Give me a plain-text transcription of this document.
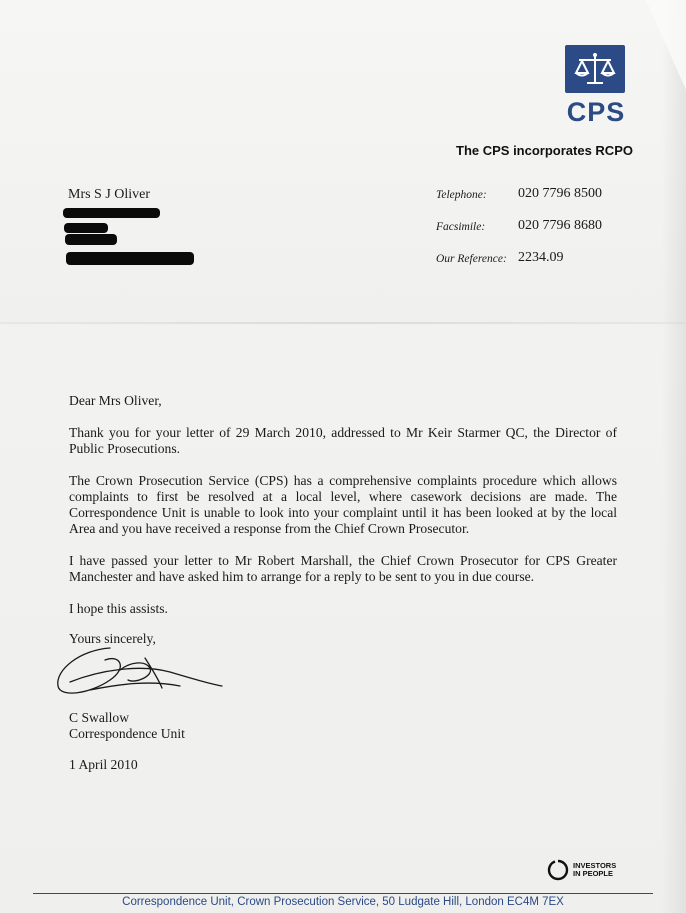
CPS
The CPS incorporates RCPO
Mrs S J Oliver	Telephone:	020 7796 8500
Facsimile:	020 7796 8680
Our Reference: 2234.09
Dear Mrs Oliver,

Thank you for your letter of 29 March 2010, addressed to Mr Keir Starmer QC, the Director of Public Prosecutions.

The Crown Prosecution Service (CPS) has a comprehensive complaints procedure which allows complaints to first be resolved at a local level, where casework decisions are made. The Correspondence Unit is unable to look into your complaint until it has been looked at by the local Area and you have received a response from the Chief Crown Prosecutor.

I have passed your letter to Mr Robert Marshall, the Chief Crown Prosecutor for CPS Greater Manchester and have asked him to arrange for a reply to be sent to you in due course.

I hope this assists.

Yours sincerely,
C Swallow
Correspondence Unit
1 April 2010
INVESTORS
IN PEOPLE
Correspondence Unit, Crown Prosecution Service, 50 Ludgate Hill, London EC4M 7EX
